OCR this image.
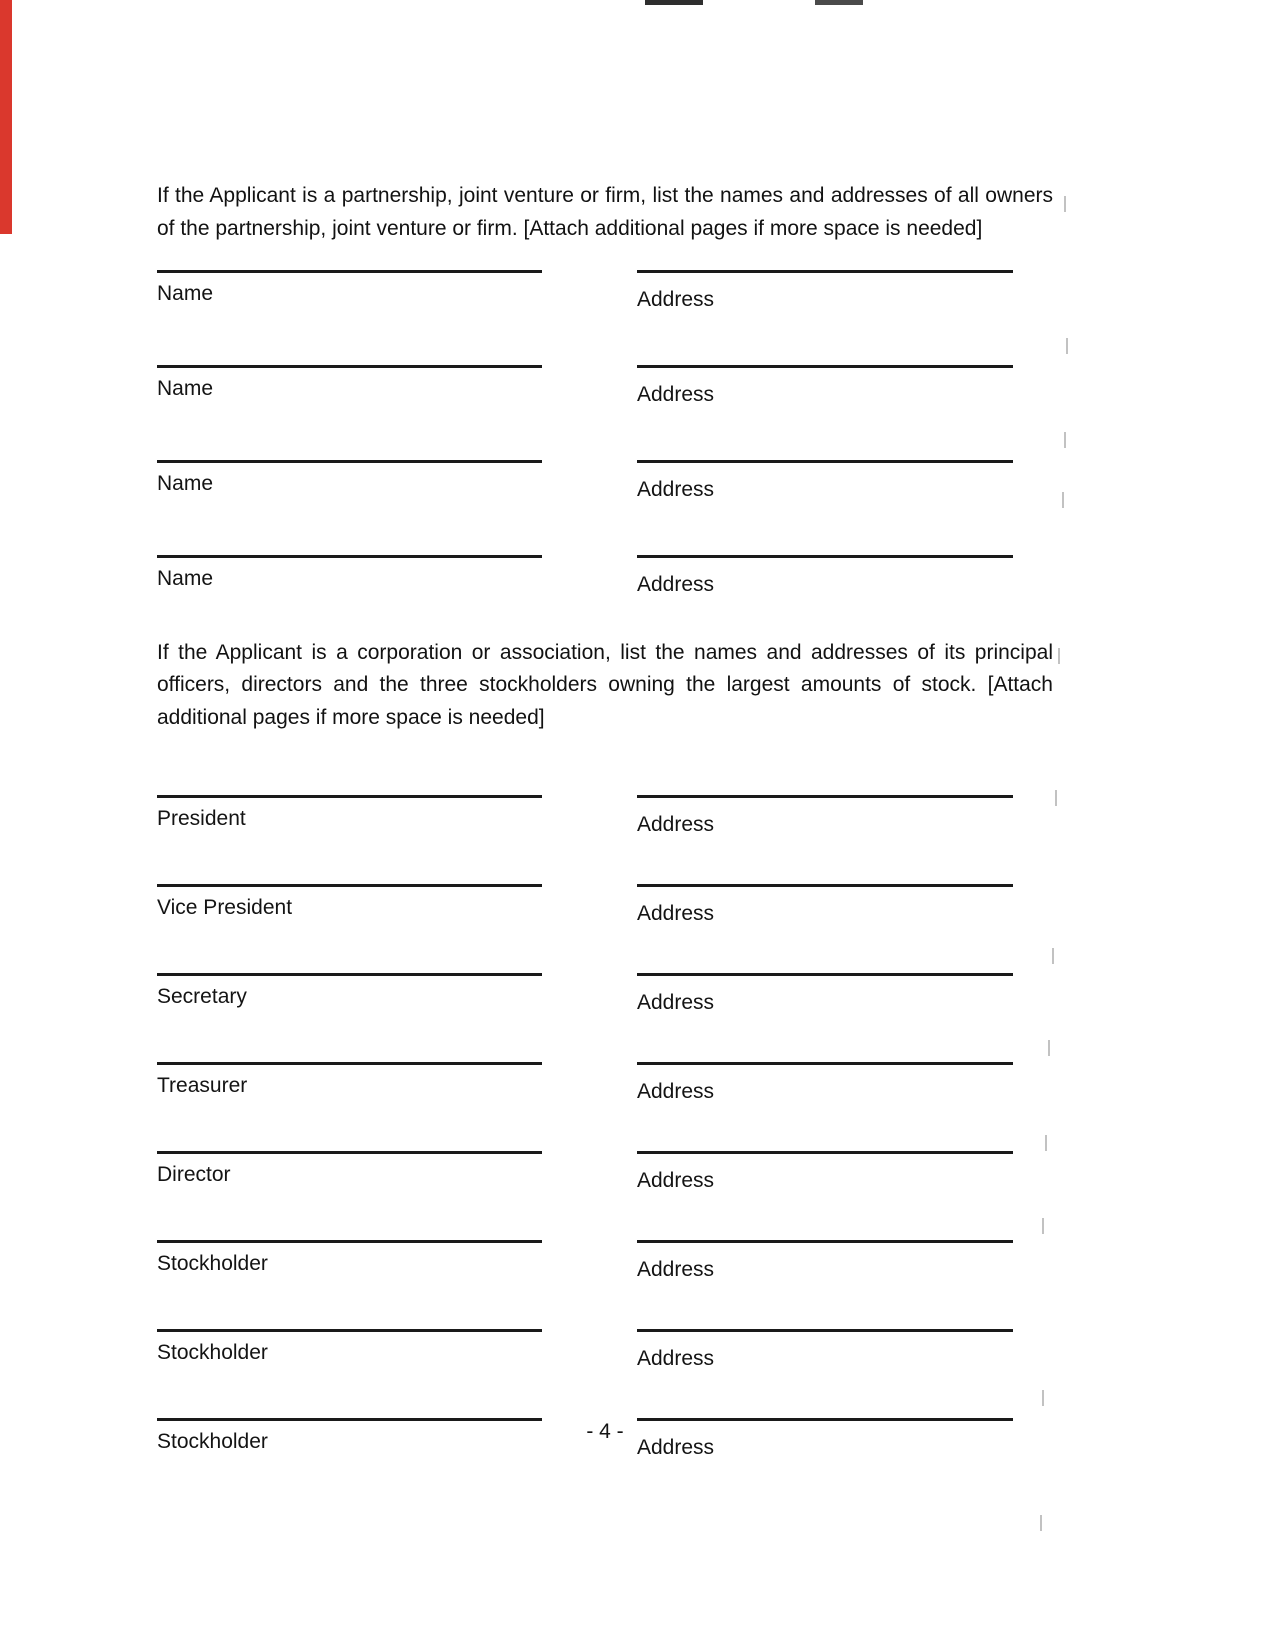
If the Applicant is a partnership, joint venture or firm, list the names and addresses of all owners of the partnership, joint venture or firm. [Attach additional pages if more space is needed]

Name	Address
Name	Address
Name	Address
Name	Address

If the Applicant is a corporation or association, list the names and addresses of its principal officers, directors and the three stockholders owning the largest amounts of stock. [Attach additional pages if more space is needed]

President	Address
Vice President	Address
Secretary	Address
Treasurer	Address
Director	Address
Stockholder	Address
Stockholder	Address
Stockholder	Address
- 4 -
